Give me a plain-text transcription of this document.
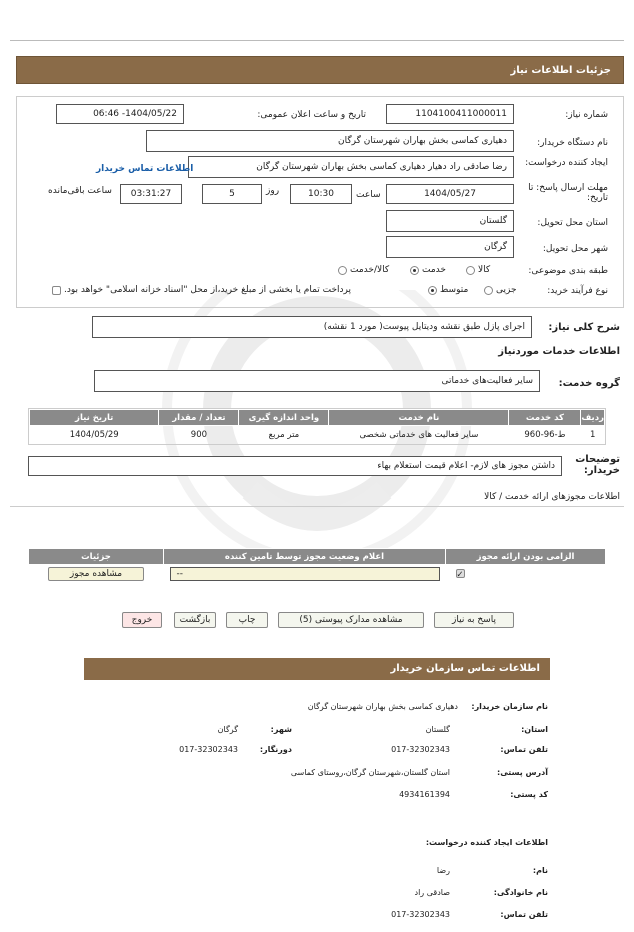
جزئیات اطلاعات نیاز
شماره نیاز:
1104100411000011
تاریخ و ساعت اعلان عمومی:
1404/05/22- 06:46
نام دستگاه خریدار:
دهیاری کماسی بخش بهاران شهرستان گرگان
ایجاد کننده درخواست:
رضا صادقی راد دهیار دهیاری کماسی بخش بهاران شهرستان گرگان
اطلاعات تماس خریدار
مهلت ارسال پاسخ: تا تاریخ:
1404/05/27
ساعت
10:30
روز
5
03:31:27
ساعت باقی‌مانده
استان محل تحویل:
گلستان
شهر محل تحویل:
گرگان
طبقه بندی موضوعی:
کالا
خدمت
کالا/خدمت
نوع فرآیند خرید:
جزیی
متوسط
پرداخت تمام یا بخشی از مبلغ خرید،از محل "اسناد خزانه اسلامی" خواهد بود.
شرح کلی نیاز:
اجرای پازل طبق نقشه ودیتایل پیوست( مورد 1 نقشه)
اطلاعات خدمات موردنیاز
گروه خدمت:
سایر فعالیت‌های خدماتی
ردیف	کد خدمت	نام خدمت	واحد اندازه گیری	تعداد / مقدار	تاریخ نیاز
1	ط-96-960	سایر فعالیت های خدماتی شخصی	متر مربع	900	1404/05/29
توضیحات خریدار:
داشتن مجوز های لازم- اعلام قیمت استعلام بهاء
اطلاعات مجوزهای ارائه خدمت / کالا
الزامی بودن ارائه مجوز	اعلام وضعیت مجوز توسط تامین کننده	جزئیات
✓	--	مشاهده مجوز
پاسخ به نیاز
مشاهده مدارک پیوستی (5)
چاپ
بازگشت
خروج
اطلاعات تماس سازمان خریدار
نام سازمان خریدار:
دهیاری کماسی بخش بهاران شهرستان گرگان
استان:
گلستان
شهر:
گرگان
تلفن تماس:
017-32302343
دورنگار:
017-32302343
آدرس پستی:
استان گلستان،شهرستان گرگان،روستای کماسی
کد پستی:
4934161394
اطلاعات ایجاد کننده درخواست:
نام:
رضا
نام خانوادگی:
صادقی راد
تلفن تماس:
017-32302343
